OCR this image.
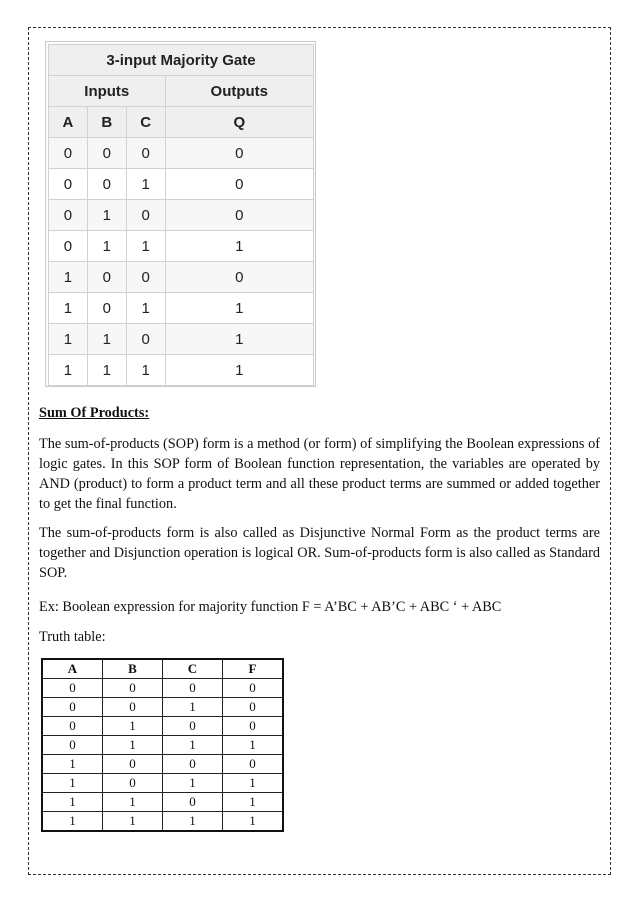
3-input Majority Gate			
Inputs			Outputs
A	B	C	Q
0	0	0	0
0	0	1	0
0	1	0	0
0	1	1	1
1	0	0	0
1	0	1	1
1	1	0	1
1	1	1	1
Sum Of Products:
The sum-of-products (SOP) form is a method (or form) of simplifying the Boolean expressions of logic gates. In this SOP form of Boolean function representation, the variables are operated by AND (product) to form a product term and all these product terms are summed or added together to get the final function.
The sum-of-products form is also called as Disjunctive Normal Form as the product terms are together and Disjunction operation is logical OR. Sum-of-products form is also called as Standard SOP.
Ex: Boolean expression for majority function F = A’BC + AB’C + ABC ‘ + ABC
Truth table:
A	B	C	F
0	0	0	0
0	0	1	0
0	1	0	0
0	1	1	1
1	0	0	0
1	0	1	1
1	1	0	1
1	1	1	1
